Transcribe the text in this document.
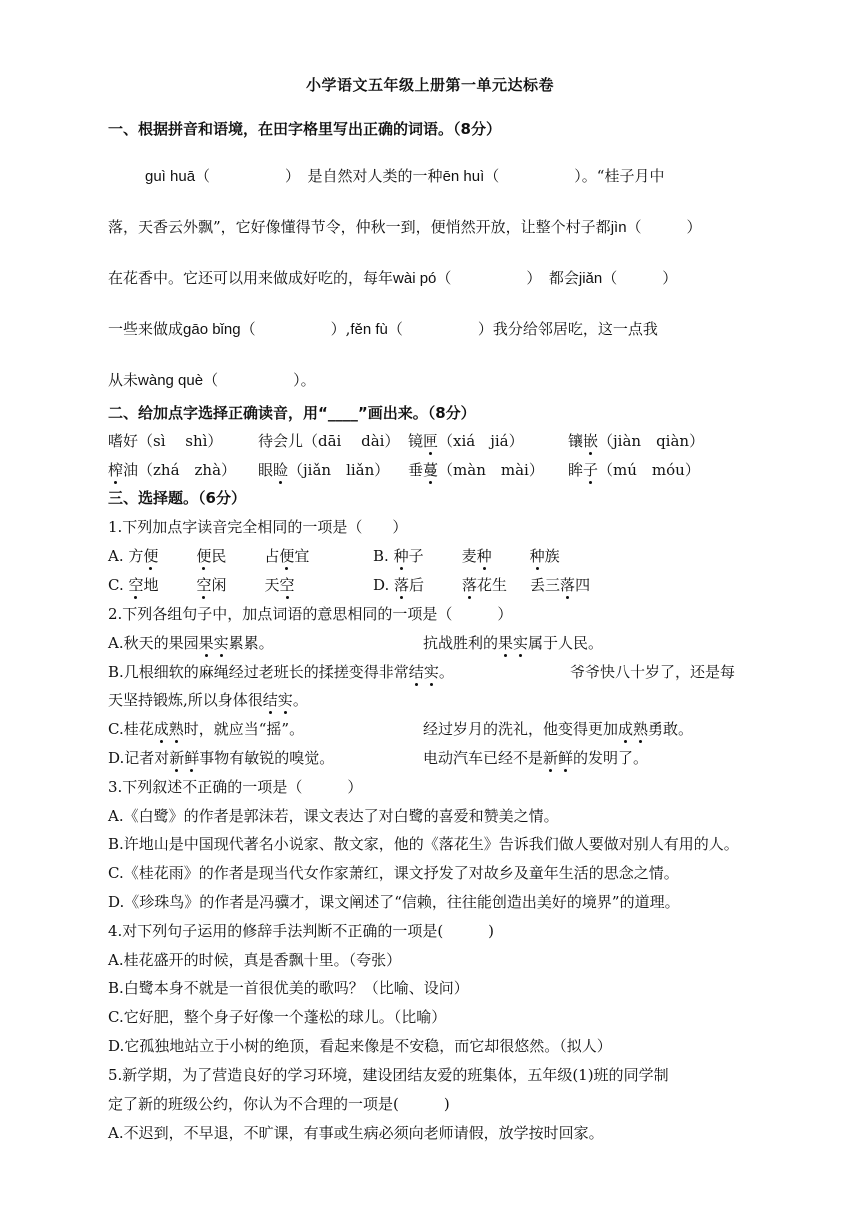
小学语文五年级上册第一单元达标卷
一、根据拼音和语境，在田字格里写出正确的词语。（8分）
guì huā（　　　　　）　是自然对人类的一种ēn huì（　　　　　）。“桂子月中
落，天香云外飘”，它好像懂得节令，仲秋一到，便悄然开放，让整个村子都jìn（　　　）
在花香中。它还可以用来做成好吃的，每年wài pó（　　　　　）　都会jiǎn（　　　）
一些来做成gāo bǐng（　　　　　）,fěn fù（　　　　　）我分给邻居吃，这一点我
从未wàng què（　　　　　）。
二、给加点字选择正确读音，用“____”画出来。（8分）
嗜好（sì　 shì） 待会儿（dāi　 dài） 镜匣（xiá　jiá）	镶嵌（jiàn　qiàn）
榨油（zhá　zhà） 眼睑（jiǎn　liǎn） 垂蔓（màn　mài） 眸子（mú　móu）
三、选择题。（6分）
1.下列加点字读音完全相同的一项是（　　）
A. 方便	便民	占便宜	B. 种子	麦种	种族
C. 空地	空闲	天空	D. 落后	落花生 丢三落四
2.下列各组句子中，加点词语的意思相同的一项是（　　　）
A.秋天的果园果实累累。	抗战胜利的果实属于人民。
B.几根细软的麻绳经过老班长的揉搓变得非常结实。	爷爷快八十岁了，还是每
天坚持锻炼,所以身体很结实。
C.桂花成熟时，就应当“摇”。	经过岁月的洗礼，他变得更加成熟勇敢。
D.记者对新鲜事物有敏锐的嗅觉。	电动汽车已经不是新鲜的发明了。
3.下列叙述不正确的一项是（　　　）
A.《白鹭》的作者是郭沫若，课文表达了对白鹭的喜爱和赞美之情。
B.许地山是中国现代著名小说家、散文家，他的《落花生》告诉我们做人要做对别人有用的人。
C.《桂花雨》的作者是现当代女作家萧红，课文抒发了对故乡及童年生活的思念之情。
D.《珍珠鸟》的作者是冯骥才，课文阐述了“信赖，往往能创造出美好的境界”的道理。
4.对下列句子运用的修辞手法判断不正确的一项是(　　　)
A.桂花盛开的时候，真是香飘十里。（夸张）
B.白鹭本身不就是一首很优美的歌吗？（比喻、设问）
C.它好肥，整个身子好像一个蓬松的球儿。（比喻）
D.它孤独地站立于小树的绝顶，看起来像是不安稳，而它却很悠然。（拟人）
5.新学期，为了营造良好的学习环境，建设团结友爱的班集体，五年级(1)班的同学制
定了新的班级公约，你认为不合理的一项是(　　　)
A.不迟到，不早退，不旷课，有事或生病必须向老师请假，放学按时回家。
